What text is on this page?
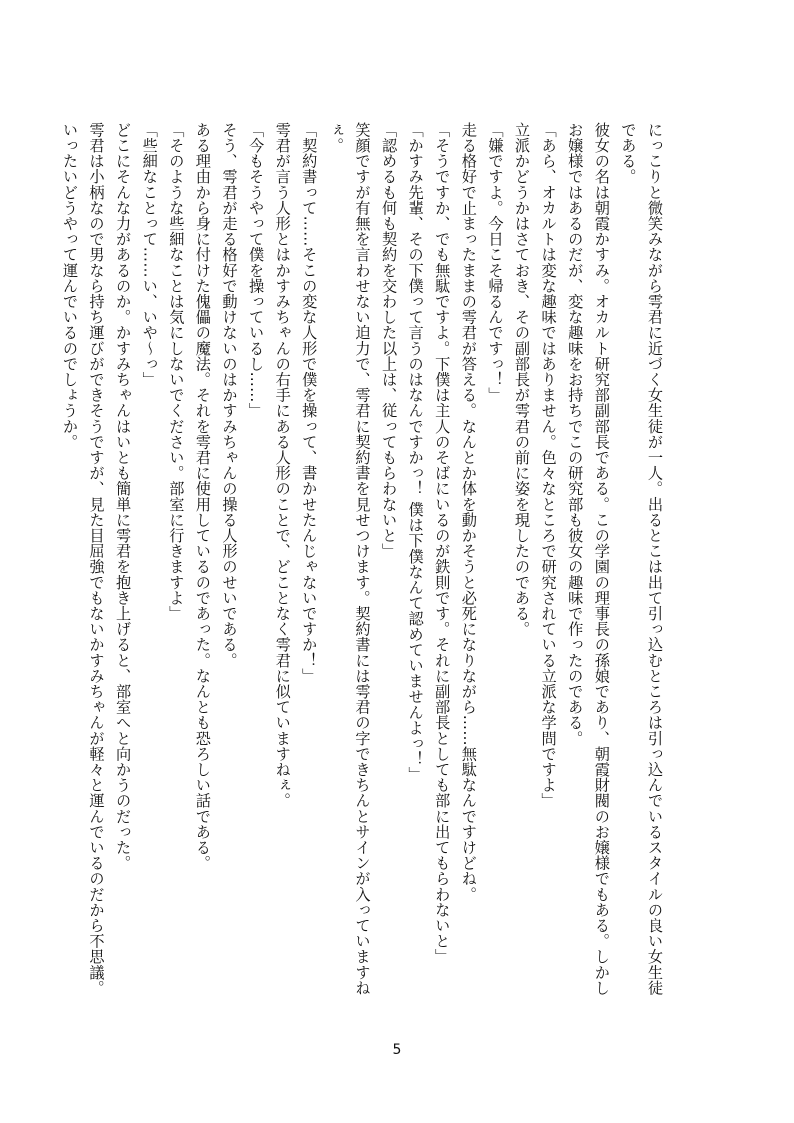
にっこりと微笑みながら雩君に近づく女生徒が一人。出るとこは出て引っ込むところは引っ込んでいるスタイルの良い女生徒である。

彼女の名は朝霞かすみ。オカルト研究部副部長である。この学園の理事長の孫娘であり、朝霞財閥のお嬢様でもある。しかしお嬢様ではあるのだが、変な趣味をお持ちでこの研究部も彼女の趣味で作ったのである。

「あら、オカルトは変な趣味ではありません。色々なところで研究されている立派な学問ですよ」

立派かどうかはさておき、その副部長が雩君の前に姿を現したのである。

「嫌ですよ。今日こそ帰るんですっ！」

走る格好で止まったままの雩君が答える。なんとか体を動かそうと必死になりながら……無駄なんですけどね。

「そうですか、でも無駄ですよ。下僕は主人のそばにいるのが鉄則です。それに副部長としても部に出てもらわないと」

「かすみ先輩、その下僕って言うのはなんですかっ！ 僕は下僕なんて認めていませんよっ！」

「認めるも何も契約を交わした以上は、従ってもらわないと」

笑顔ですが有無を言わせない迫力で、雩君に契約書を見せつけます。契約書には雩君の字できちんとサインが入っていますねぇ。

「契約書って……そこの変な人形で僕を操って、書かせたんじゃないですか！」

雩君が言う人形とはかすみちゃんの右手にある人形のことで、どことなく雩君に似ていますねぇ。

「今もそうやって僕を操っているし……」

そう、雩君が走る格好で動けないのはかすみちゃんの操る人形のせいである。

ある理由から身に付けた傀儡の魔法。それを雩君に使用しているのであった。なんとも恐ろしい話である。

「そのような些細なことは気にしないでください。部室に行きますよ」

「些細なことって……い、いや～っ」

どこにそんな力があるのか。かすみちゃんはいとも簡単に雩君を抱き上げると、部室へと向かうのだった。

雩君は小柄なので男なら持ち運びができそうですが、見た目屈強でもないかすみちゃんが軽々と運んでいるのだから不思議。いったいどうやって運んでいるのでしょうか。

5
